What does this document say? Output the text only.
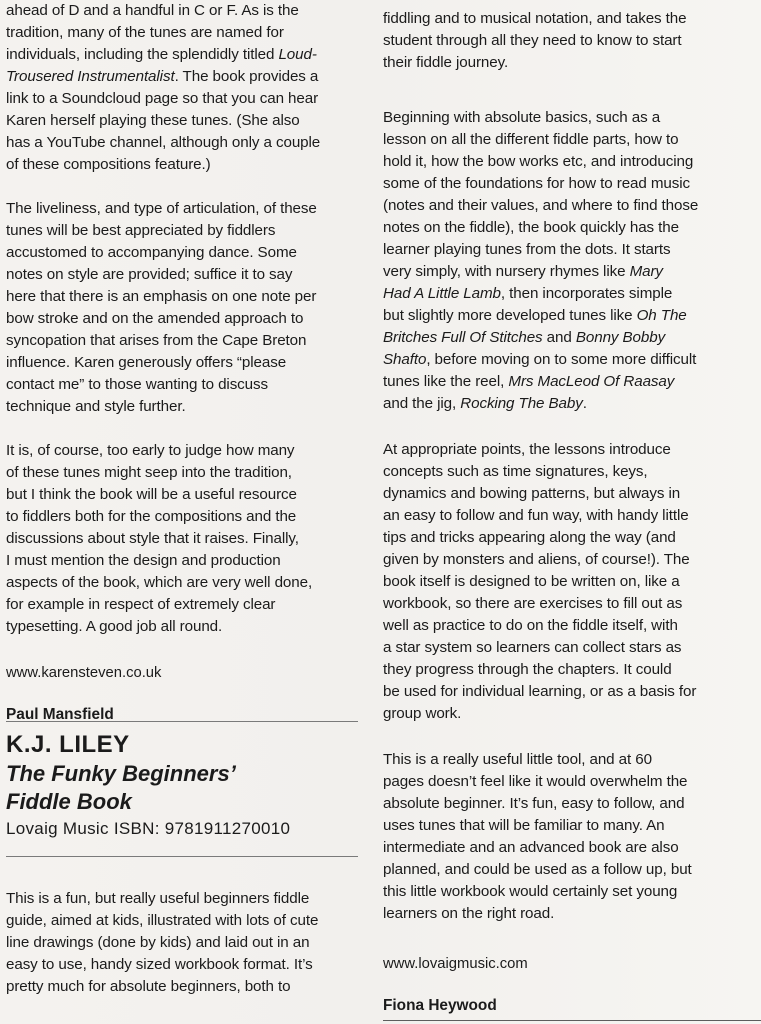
ahead of D and a handful in C or F. As is the
tradition, many of the tunes are named for
individuals, including the splendidly titled Loud-
Trousered Instrumentalist. The book provides a
link to a Soundcloud page so that you can hear
Karen herself playing these tunes. (She also
has a YouTube channel, although only a couple
of these compositions feature.)

The liveliness, and type of articulation, of these
tunes will be best appreciated by fiddlers
accustomed to accompanying dance. Some
notes on style are provided; suffice it to say
here that there is an emphasis on one note per
bow stroke and on the amended approach to
syncopation that arises from the Cape Breton
influence. Karen generously offers “please
contact me” to those wanting to discuss
technique and style further.

It is, of course, too early to judge how many
of these tunes might seep into the tradition,
but I think the book will be a useful resource
to fiddlers both for the compositions and the
discussions about style that it raises. Finally,
I must mention the design and production
aspects of the book, which are very well done,
for example in respect of extremely clear
typesetting. A good job all round.

www.karensteven.co.uk

Paul Mansfield

K.J. LILEY
The Funky Beginners’
Fiddle Book
Lovaig Music ISBN: 9781911270010

This is a fun, but really useful beginners fiddle
guide, aimed at kids, illustrated with lots of cute
line drawings (done by kids) and laid out in an
easy to use, handy sized workbook format. It’s
pretty much for absolute beginners, both to

fiddling and to musical notation, and takes the
student through all they need to know to start
their fiddle journey.

Beginning with absolute basics, such as a
lesson on all the different fiddle parts, how to
hold it, how the bow works etc, and introducing
some of the foundations for how to read music
(notes and their values, and where to find those
notes on the fiddle), the book quickly has the
learner playing tunes from the dots. It starts
very simply, with nursery rhymes like Mary
Had A Little Lamb, then incorporates simple
but slightly more developed tunes like Oh The
Britches Full Of Stitches and Bonny Bobby
Shafto, before moving on to some more difficult
tunes like the reel, Mrs MacLeod Of Raasay
and the jig, Rocking The Baby.

At appropriate points, the lessons introduce
concepts such as time signatures, keys,
dynamics and bowing patterns, but always in
an easy to follow and fun way, with handy little
tips and tricks appearing along the way (and
given by monsters and aliens, of course!). The
book itself is designed to be written on, like a
workbook, so there are exercises to fill out as
well as practice to do on the fiddle itself, with
a star system so learners can collect stars as
they progress through the chapters. It could
be used for individual learning, or as a basis for
group work.

This is a really useful little tool, and at 60
pages doesn’t feel like it would overwhelm the
absolute beginner. It’s fun, easy to follow, and
uses tunes that will be familiar to many. An
intermediate and an advanced book are also
planned, and could be used as a follow up, but
this little workbook would certainly set young
learners on the right road.

www.lovaigmusic.com

Fiona Heywood
